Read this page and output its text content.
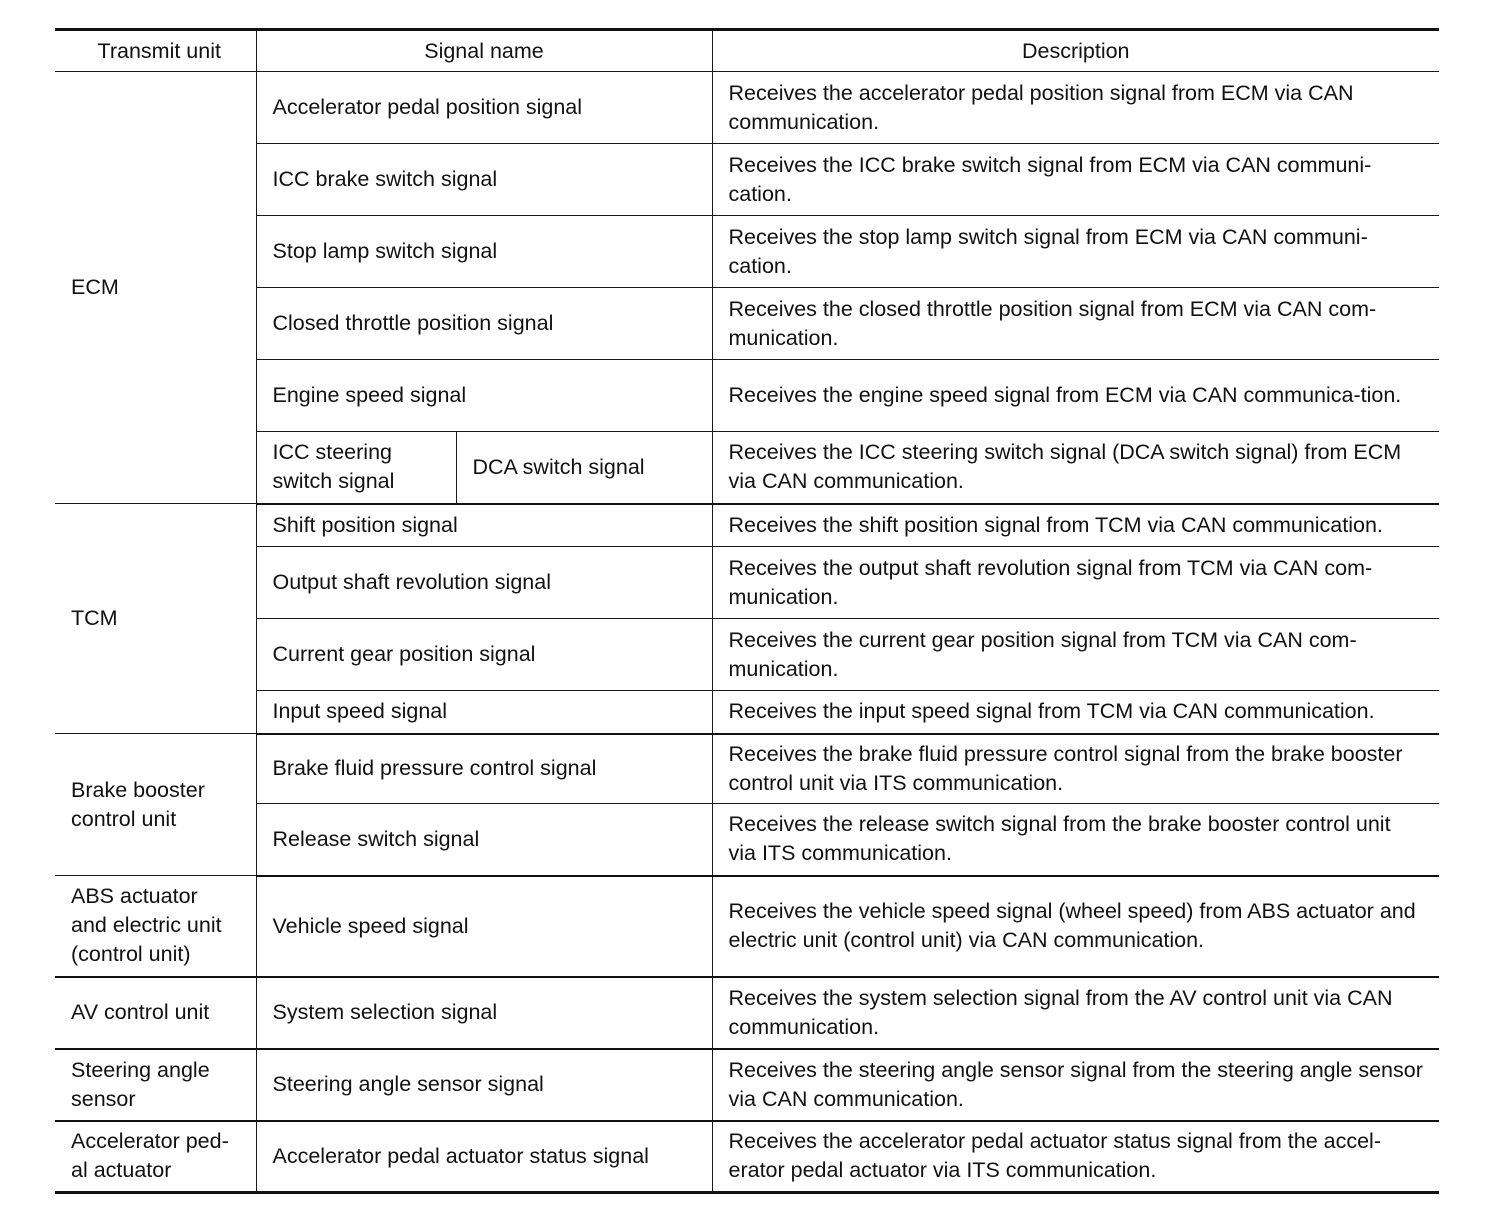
Transmit unit	Signal name		Description
ECM	Accelerator pedal position signal		Receives the accelerator pedal position signal from ECM via CAN communication.
	ICC brake switch signal		Receives the ICC brake switch signal from ECM via CAN communi-cation.
	Stop lamp switch signal		Receives the stop lamp switch signal from ECM via CAN communi-cation.
	Closed throttle position signal		Receives the closed throttle position signal from ECM via CAN com-munication.
	Engine speed signal		Receives the engine speed signal from ECM via CAN communica-tion.
	ICC steering switch signal	DCA switch signal	Receives the ICC steering switch signal (DCA switch signal) from ECM via CAN communication.
TCM	Shift position signal		Receives the shift position signal from TCM via CAN communication.
	Output shaft revolution signal		Receives the output shaft revolution signal from TCM via CAN com-munication.
	Current gear position signal		Receives the current gear position signal from TCM via CAN com-munication.
	Input speed signal		Receives the input speed signal from TCM via CAN communication.
Brake booster control unit	Brake fluid pressure control signal		Receives the brake fluid pressure control signal from the brake booster control unit via ITS communication.
	Release switch signal		Receives the release switch signal from the brake booster control unit via ITS communication.
ABS actuator and electric unit (control unit)	Vehicle speed signal		Receives the vehicle speed signal (wheel speed) from ABS actuator and electric unit (control unit) via CAN communication.
AV control unit	System selection signal		Receives the system selection signal from the AV control unit via CAN communication.
Steering angle sensor	Steering angle sensor signal		Receives the steering angle sensor signal from the steering angle sensor via CAN communication.
Accelerator ped-al actuator	Accelerator pedal actuator status signal		Receives the accelerator pedal actuator status signal from the accel-erator pedal actuator via ITS communication.
